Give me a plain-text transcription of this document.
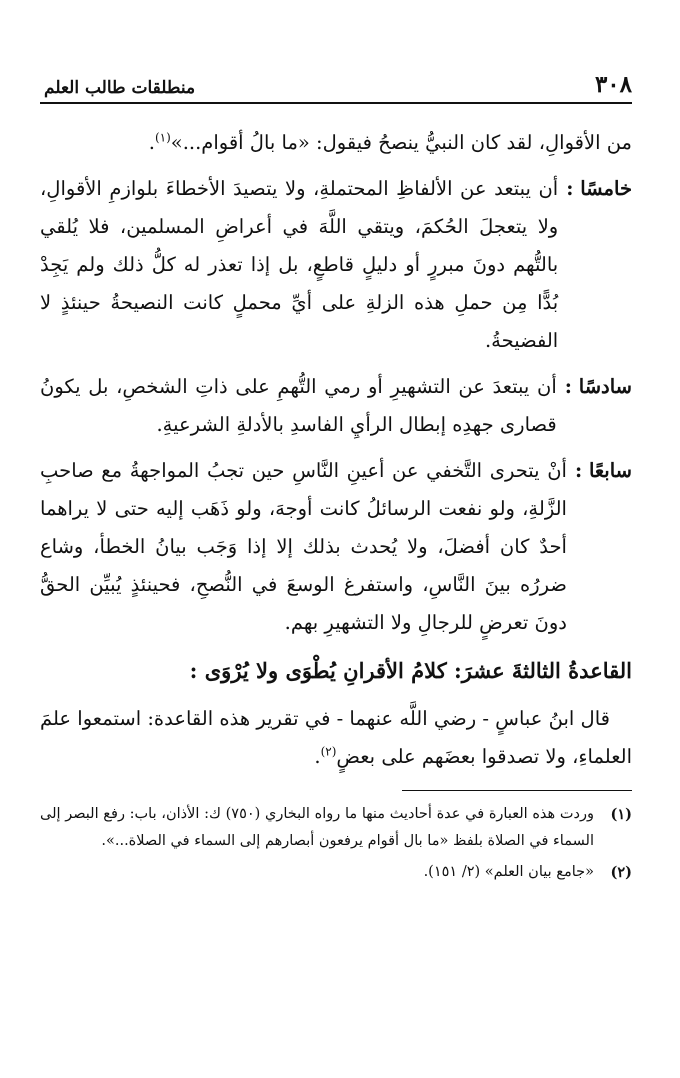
٣٠٨
منطلقات طالب العلم

من الأقوالِ، لقد كان النبيُّ ينصحُ فيقول: «ما بالُ أقوام...»$^{(١)}$.

خامسًا :
أن يبتعد عن الألفاظِ المحتملةِ، ولا يتصيدَ الأخطاءَ بلوازمِ الأقوالِ، ولا يتعجلَ الحُكمَ، ويتقي اللَّهَ في أعراضِ المسلمين، فلا يُلقي بالتُّهم دونَ مبررٍ أو دليلٍ قاطعٍ، بل إذا تعذر له كلُّ ذلك ولم يَجِدْ بُدًّا مِن حملِ هذه الزلةِ على أيِّ محملٍ كانت النصيحةُ حينئذٍ لا الفضيحةُ.
سادسًا :
أن يبتعدَ عن التشهيرِ أو رمي التُّهمِ على ذاتِ الشخصِ، بل يكونُ قصارى جهدِه إبطال الرأيِ الفاسدِ بالأدلةِ الشرعيةِ.
سابعًا :
أنْ يتحرى التَّخفي عن أعينِ النَّاسِ حين تجبُ المواجهةُ مع صاحبِ الزَّلةِ، ولو نفعت الرسائلُ كانت أوجهَ، ولو ذَهَب إليه حتى لا يراهما أحدٌ كان أفضلَ، ولا يُحدث بذلك إلا إذا وَجَب بيانُ الخطأ، وشاع ضررُه بينَ النَّاسِ، واستفرغ الوسعَ في النُّصحِ، فحينئذٍ يُبيِّن الحقُّ دونَ تعرضٍ للرجالِ ولا التشهيرِ بهم.
القاعدةُ الثالثةَ عشرَ: كلامُ الأقرانِ يُطْوَى ولا يُرْوَى :

قال ابنُ عباسٍ - رضي اللَّه عنهما - في تقرير هذه القاعدة: استمعوا علمَ العلماءِ، ولا تصدقوا بعضَهم على بعضٍ$^{(٢)}$.

(١)
وردت هذه العبارة في عدة أحاديث منها ما رواه البخاري (٧٥٠) ك: الأذان، باب: رفع البصر إلى السماء في الصلاة بلفظ «ما بال أقوام يرفعون أبصارهم إلى السماء في الصلاة...».
(٢)
«جامع بيان العلم» (٢/ ١٥١).
